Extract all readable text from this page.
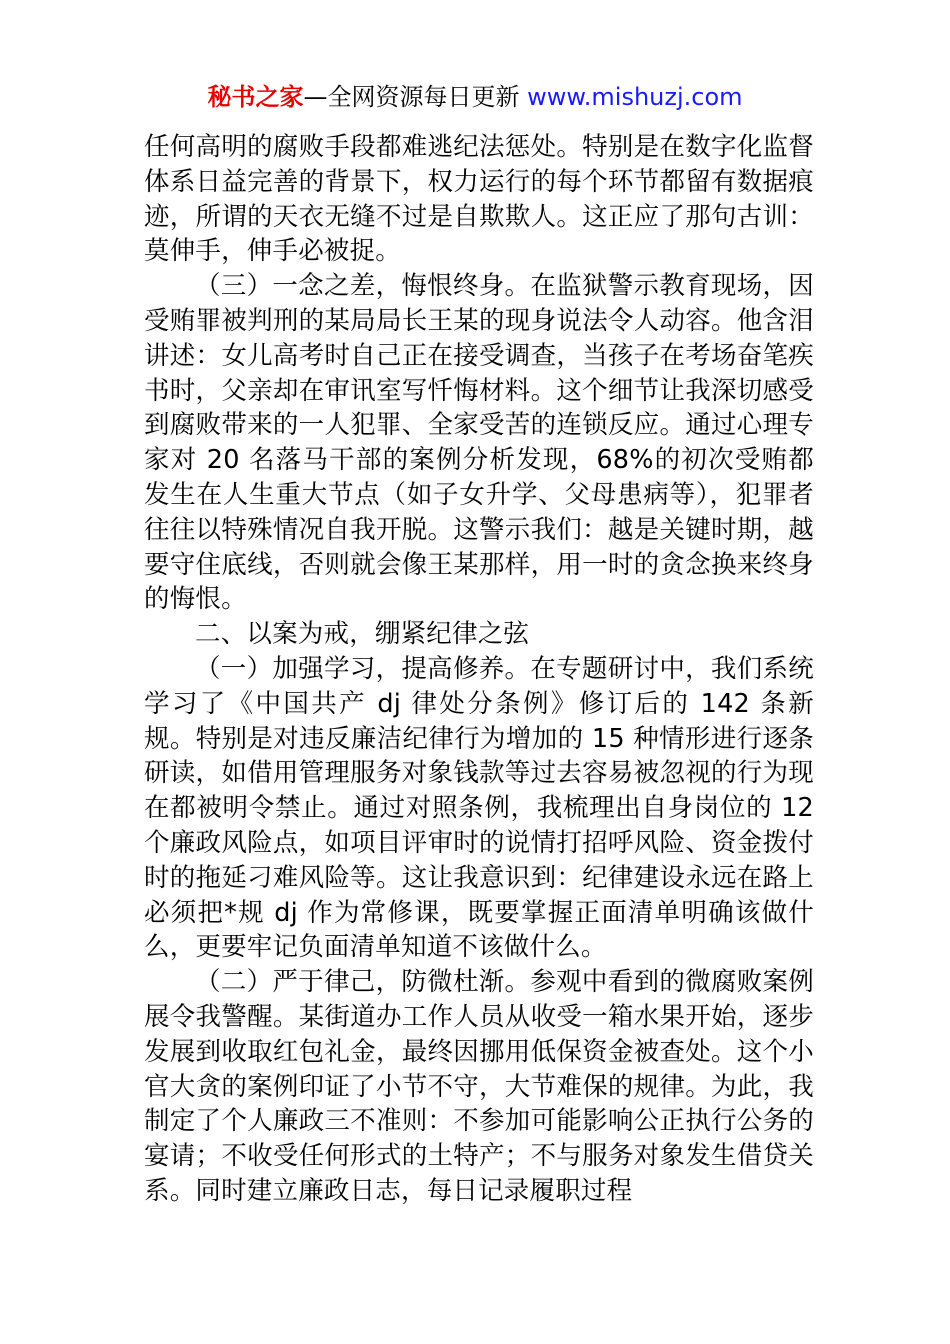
秘书之家—全网资源每日更新 www.mishuzj.com

任何高明的腐败手段都难逃纪法惩处。特别是在数字化监督体系日益完善的背景下，权力运行的每个环节都留有数据痕迹，所谓的天衣无缝不过是自欺欺人。这正应了那句古训：莫伸手，伸手必被捉。

（三）一念之差，悔恨终身。在监狱警示教育现场，因受贿罪被判刑的某局局长王某的现身说法令人动容。他含泪讲述：女儿高考时自己正在接受调查，当孩子在考场奋笔疾书时，父亲却在审讯室写忏悔材料。这个细节让我深切感受到腐败带来的一人犯罪、全家受苦的连锁反应。通过心理专家对 20 名落马干部的案例分析发现，68%的初次受贿都发生在人生重大节点（如子女升学、父母患病等），犯罪者往往以特殊情况自我开脱。这警示我们：越是关键时期，越要守住底线，否则就会像王某那样，用一时的贪念换来终身的悔恨。

二、以案为戒，绷紧纪律之弦

（一）加强学习，提高修养。在专题研讨中，我们系统学习了《中国共产 dj 律处分条例》修订后的 142 条新规。特别是对违反廉洁纪律行为增加的 15 种情形进行逐条研读，如借用管理服务对象钱款等过去容易被忽视的行为现在都被明令禁止。通过对照条例，我梳理出自身岗位的 12 个廉政风险点，如项目评审时的说情打招呼风险、资金拨付时的拖延刁难风险等。这让我意识到：纪律建设永远在路上必须把*规 dj 作为常修课，既要掌握正面清单明确该做什么，更要牢记负面清单知道不该做什么。

（二）严于律己，防微杜渐。参观中看到的微腐败案例展令我警醒。某街道办工作人员从收受一箱水果开始，逐步发展到收取红包礼金，最终因挪用低保资金被查处。这个小官大贪的案例印证了小节不守，大节难保的规律。为此，我制定了个人廉政三不准则：不参加可能影响公正执行公务的宴请；不收受任何形式的土特产；不与服务对象发生借贷关系。同时建立廉政日志，每日记录履职过程
